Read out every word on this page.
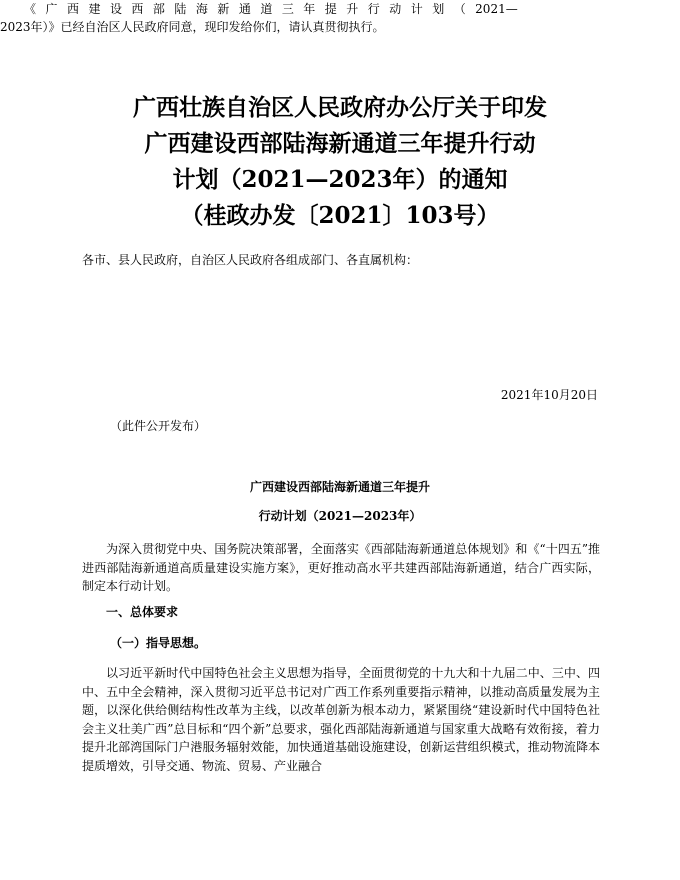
广西壮族自治区人民政府办公厅关于印发
广西建设西部陆海新通道三年提升行动
计划（2021—2023年）的通知
（桂政办发〔2021〕103号）
各市、县人民政府，自治区人民政府各组成部门、各直属机构：
《 广 西 建 设 西 部 陆 海 新 通 道 三 年 提 升 行 动 计 划 （ 2021—
2023年）》已经自治区人民政府同意，现印发给你们，请认真贯彻执行。
2021年10月20日
（此件公开发布）
广西建设西部陆海新通道三年提升
行动计划（2021—2023年）
为深入贯彻党中央、国务院决策部署，全面落实《西部陆海新通道总体规划》和《“十四五”推进西部陆海新通道高质量建设实施方案》，更好推动高水平共建西部陆海新通道，结合广西实际，制定本行动计划。
一、总体要求
（一）指导思想。
以习近平新时代中国特色社会主义思想为指导，全面贯彻党的十九大和十九届二中、三中、四中、五中全会精神，深入贯彻习近平总书记对广西工作系列重要指示精神，以推动高质量发展为主题，以深化供给侧结构性改革为主线，以改革创新为根本动力，紧紧围绕“建设新时代中国特色社会主义壮美广西”总目标和“四个新”总要求，强化西部陆海新通道与国家重大战略有效衔接，着力提升北部湾国际门户港服务辐射效能，加快通道基础设施建设，创新运营组织模式，推动物流降本提质增效，引导交通、物流、贸易、产业融合
